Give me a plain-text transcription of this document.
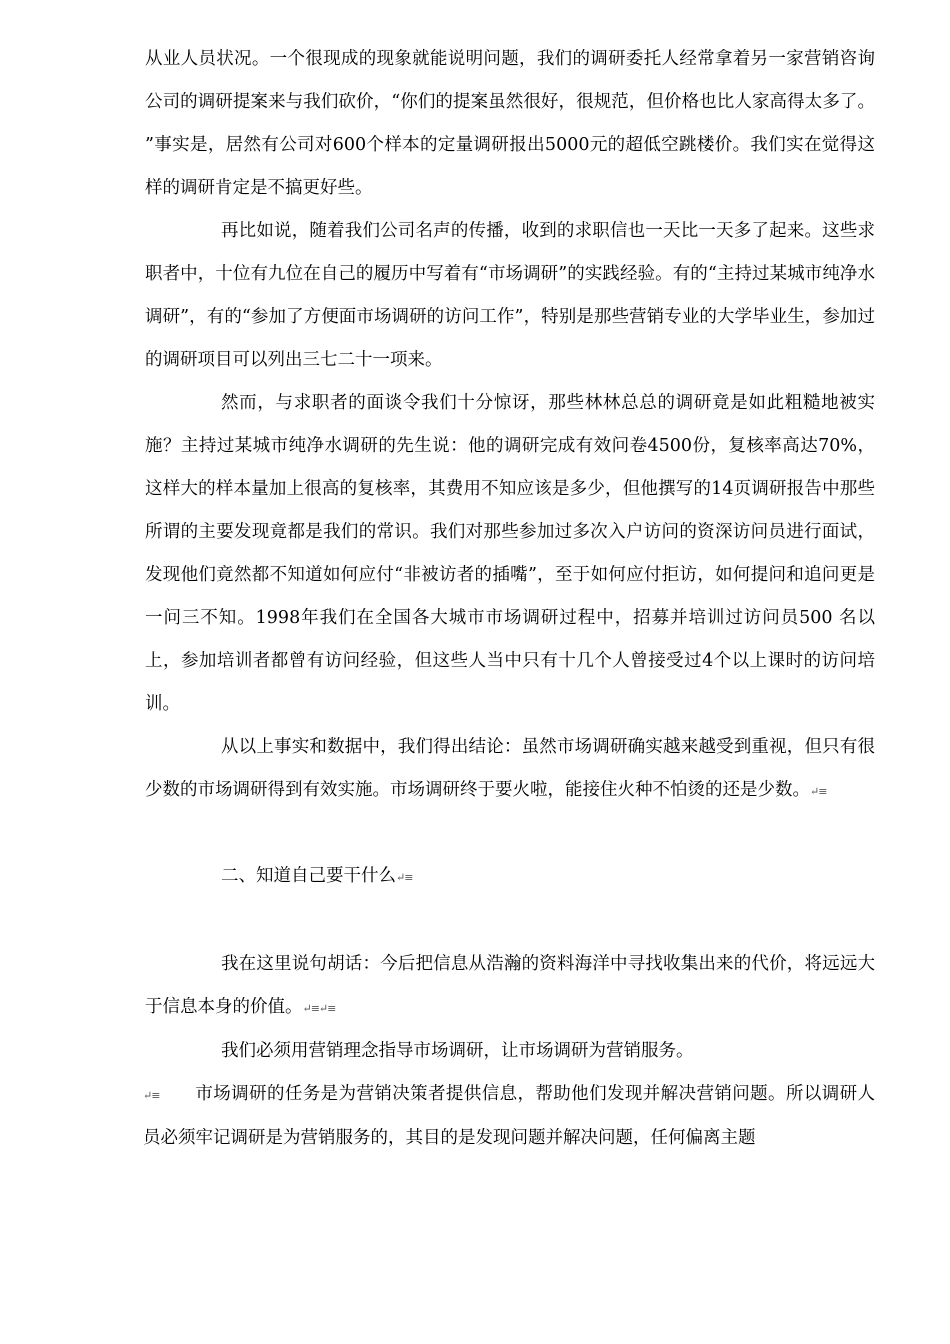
从业人员状况。一个很现成的现象就能说明问题，我们的调研委托人经常拿着另一家营销咨询公司的调研提案来与我们砍价，“你们的提案虽然很好，很规范，但价格也比人家高得太多了。 ”事实是，居然有公司对600个样本的定量调研报出5000元的超低空跳楼价。我们实在觉得这样的调研肯定是不搞更好些。

再比如说，随着我们公司名声的传播，收到的求职信也一天比一天多了起来。这些求职者中，十位有九位在自己的履历中写着有“市场调研”的实践经验。有的“主持过某城市纯净水调研”，有的“参加了方便面市场调研的访问工作”，特别是那些营销专业的大学毕业生，参加过的调研项目可以列出三七二十一项来。

然而，与求职者的面谈令我们十分惊讶，那些林林总总的调研竟是如此粗糙地被实施？主持过某城市纯净水调研的先生说：他的调研完成有效问卷4500份，复核率高达70%，这样大的样本量加上很高的复核率，其费用不知应该是多少，但他撰写的14页调研报告中那些所谓的主要发现竟都是我们的常识。我们对那些参加过多次入户访问的资深访问员进行面试，发现他们竟然都不知道如何应付“非被访者的插嘴”，至于如何应付拒访，如何提问和追问更是一问三不知。1998年我们在全国各大城市市场调研过程中，招募并培训过访问员500 名以上，参加培训者都曾有访问经验，但这些人当中只有十几个人曾接受过4个以上课时的访问培训。

从以上事实和数据中，我们得出结论：虽然市场调研确实越来越受到重视，但只有很少数的市场调研得到有效实施。市场调研终于要火啦，能接住火种不怕烫的还是少数。↵≡

二、知道自己要干什么↵≡

我在这里说句胡话：今后把信息从浩瀚的资料海洋中寻找收集出来的代价，将远远大于信息本身的价值。↵≡↵≡

我们必须用营销理念指导市场调研，让市场调研为营销服务。

↵≡ 市场调研的任务是为营销决策者提供信息，帮助他们发现并解决营销问题。所以调研人员必须牢记调研是为营销服务的，其目的是发现问题并解决问题，任何偏离主题
